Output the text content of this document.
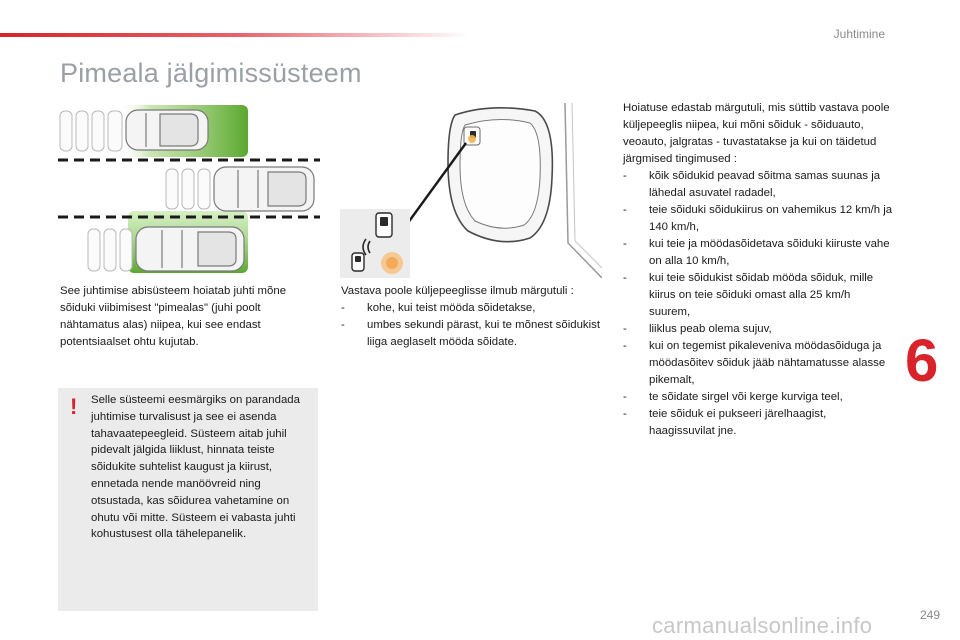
Juhtimine
Pimeala jälgimissüsteem

See juhtimise abisüsteem hoiatab juhti mõne sõiduki viibimisest "pimealas" (juhi poolt nähtamatus alas) niipea, kui see endast potentsiaalset ohtu kujutab.

! Selle süsteemi eesmärgiks on parandada juhtimise turvalisust ja see ei asenda tahavaatepeegleid. Süsteem aitab juhil pidevalt jälgida liiklust, hinnata teiste sõidukite suhtelist kaugust ja kiirust, ennetada nende manöövreid ning otsustada, kas sõidurea vahetamine on ohutu või mitte. Süsteem ei vabasta juhti kohustusest olla tähelepanelik.

Vastava poole küljepeeglisse ilmub märgutuli :
- kohe, kui teist mööda sõidetakse,
- umbes sekundi pärast, kui te mõnest sõidukist liiga aeglaselt mööda sõidate.
Hoiatuse edastab märgutuli, mis süttib vastava poole küljepeeglis niipea, kui mõni sõiduk - sõiduauto, veoauto, jalgratas - tuvastatakse ja kui on täidetud järgmised tingimused :
- kõik sõidukid peavad sõitma samas suunas ja lähedal asuvatel radadel,
- teie sõiduki sõidukiirus on vahemikus 12 km/h ja 140 km/h,
- kui teie ja möödasõidetava sõiduki kiiruste vahe on alla 10 km/h,
- kui teie sõidukist sõidab mööda sõiduk, mille kiirus on teie sõiduki omast alla 25 km/h suurem,
- liiklus peab olema sujuv,
- kui on tegemist pikaleveniva möödasõiduga ja möödasõitev sõiduk jääb nähtamatusse alasse pikemalt,
- te sõidate sirgel või kerge kurviga teel,
- teie sõiduk ei pukseeri järelhaagist, haagissuvilat jne.
6
carmanualsonline.info	249
